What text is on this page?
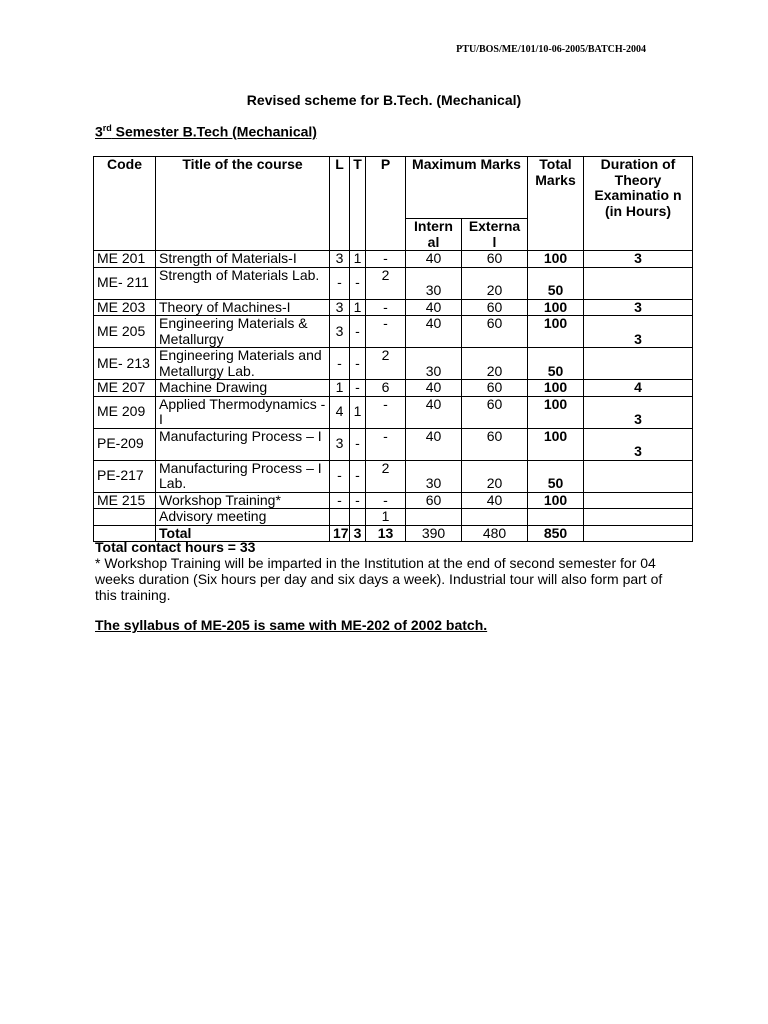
PTU/BOS/ME/101/10-06-2005/BATCH-2004
Revised scheme for B.Tech. (Mechanical)
3rd Semester B.Tech (Mechanical)
Code	Title of the course	L	T	P	Maximum Marks		Total Marks	Duration of Theory Examinatio n
(in Hours)

					Intern al	Externa l		
ME 201	Strength of Materials-I	3	1	-	40	60	100	3
ME- 211	Strength of Materials Lab.	-	-	2	30	20	50	
ME 203	Theory of Machines-I	3	1	-	40	60	100	3
ME 205	Engineering Materials & Metallurgy	3	-	-	40	60	100	3
ME- 213	Engineering Materials and Metallurgy Lab.	-	-	2	30	20	50	
ME 207	Machine Drawing	1	-	6	40	60	100	4
ME 209	Applied Thermodynamics - I	4	1	-	40	60	100	3
PE-209	Manufacturing Process – I	3	-	-	40	60	100	3
PE-217	Manufacturing Process – I Lab.	-	-	2	30	20	50	
ME 215	Workshop Training*	-	-	-	60	40	100	
	Advisory meeting			1				
	Total	17	3	13	390	480	850	

Total contact hours = 33

* Workshop Training will be imparted in the Institution at the end of second semester for 04 weeks duration (Six hours per day and six days a week). Industrial tour will also form part of this training.

The syllabus of ME-205 is same with ME-202 of 2002 batch.
